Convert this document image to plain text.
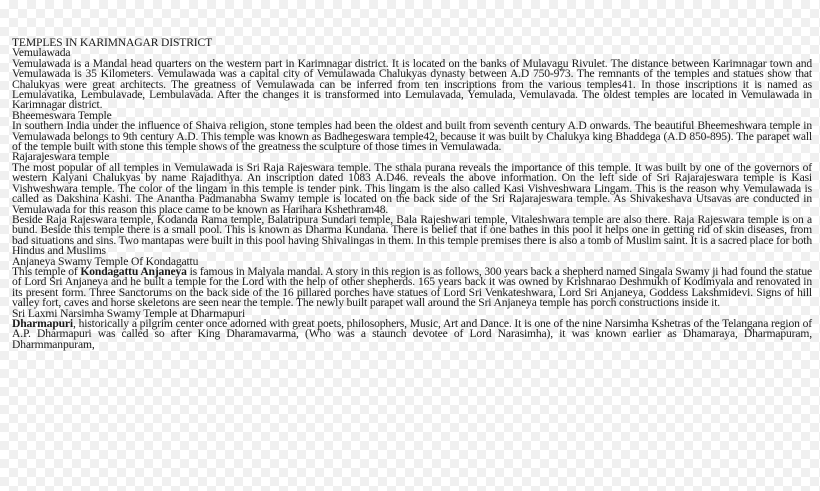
TEMPLES IN KARIMNAGAR DISTRICT

Vemulawada

Vemulawada is a Mandal head quarters on the western part in Karimnagar district. It is located on the banks of Mulavagu Rivulet. The distance between Karimnagar town and Vemulawada is 35 Kilometers. Vemulawada was a capital city of Vemulawada Chalukyas dynasty between A.D 750-973. The remnants of the temples and statues show that Chalukyas were great architects. The greatness of Vemulawada can be inferred from ten inscriptions from the various temples41. In those inscriptions it is named as Lemulavatika, Lembulavade, Lembulavada. After the changes it is transformed into Lemulavada, Yemulada, Vemulavada. The oldest temples are located in Vemulawada in Karimnagar district.

Bheemeswara Temple

In southern India under the influence of Shaiva religion, stone temples had been the oldest and built from seventh century A.D onwards. The beautiful Bheemeshwara temple in Vemulawada belongs to 9th century A.D. This temple was known as Badhegeswara temple42, because it was built by Chalukya king Bhaddega (A.D 850-895). The parapet wall of the temple built with stone this temple shows of the greatness the sculpture of those times in Vemulawada.

Rajarajeswara temple

The most popular of all temples in Vemulawada is Sri Raja Rajeswara temple. The sthala purana reveals the importance of this temple. It was built by one of the governors of western Kalyani Chalukyas by name Rajadithya. An inscription dated 1083 A.D46. reveals the above information. On the left side of Sri Rajarajeswara temple is Kasi Vishweshwara temple. The color of the lingam in this temple is tender pink. This lingam is the also called Kasi Vishveshwara Lingam. This is the reason why Vemulawada is called as Dakshina Kashi. The Anantha Padmanabha Swamy temple is located on the back side of the Sri Rajarajeswara temple. As Shivakeshava Utsavas are conducted in Vemulawada for this reason this place came to be known as Harihara Kshethram48.

Beside Raja Rajeswara temple, Kodanda Rama temple, Balatripura Sundari temple, Bala Rajeshwari temple, Vitaleshwara temple are also there. Raja Rajeswara temple is on a bund. Beside this temple there is a small pool. This is known as Dharma Kundana. There is belief that if one bathes in this pool it helps one in getting rid of skin diseases, from bad situations and sins. Two mantapas were built in this pool having Shivalingas in them. In this temple premises there is also a tomb of Muslim saint. It is a sacred place for both Hindus and Muslims

Anjaneya Swamy Temple Of Kondagattu

This temple of Kondagattu Anjaneya is famous in Malyala mandal. A story in this region is as follows, 300 years back a shepherd named Singala Swamy ji had found the statue of Lord Sri Anjaneya and he built a temple for the Lord with the help of other shepherds. 165 years back it was owned by Krishnarao Deshmukh of Kodimyala and renovated in its present form. Three Sanctorums on the back side of the 16 pillared porches have statues of Lord Sri Venkateshwara, Lord Sri Anjaneya, Goddess Lakshmidevi. Signs of hill valley fort, caves and horse skeletons are seen near the temple. The newly built parapet wall around the Sri Anjaneya temple has porch constructions inside it.

Sri Laxmi Narsimha Swamy Temple at Dharmapuri

Dharmapuri, historically a pilgrim center once adorned with great poets, philosophers, Music, Art and Dance. It is one of the nine Narsimha Kshetras of the Telangana region of A.P. Dharmapuri was called so after King Dharamavarma, (Who was a staunch devotee of Lord Narasimha), it was known earlier as Dhamaraya, Dharmapuram, Dharmmanpuram,
